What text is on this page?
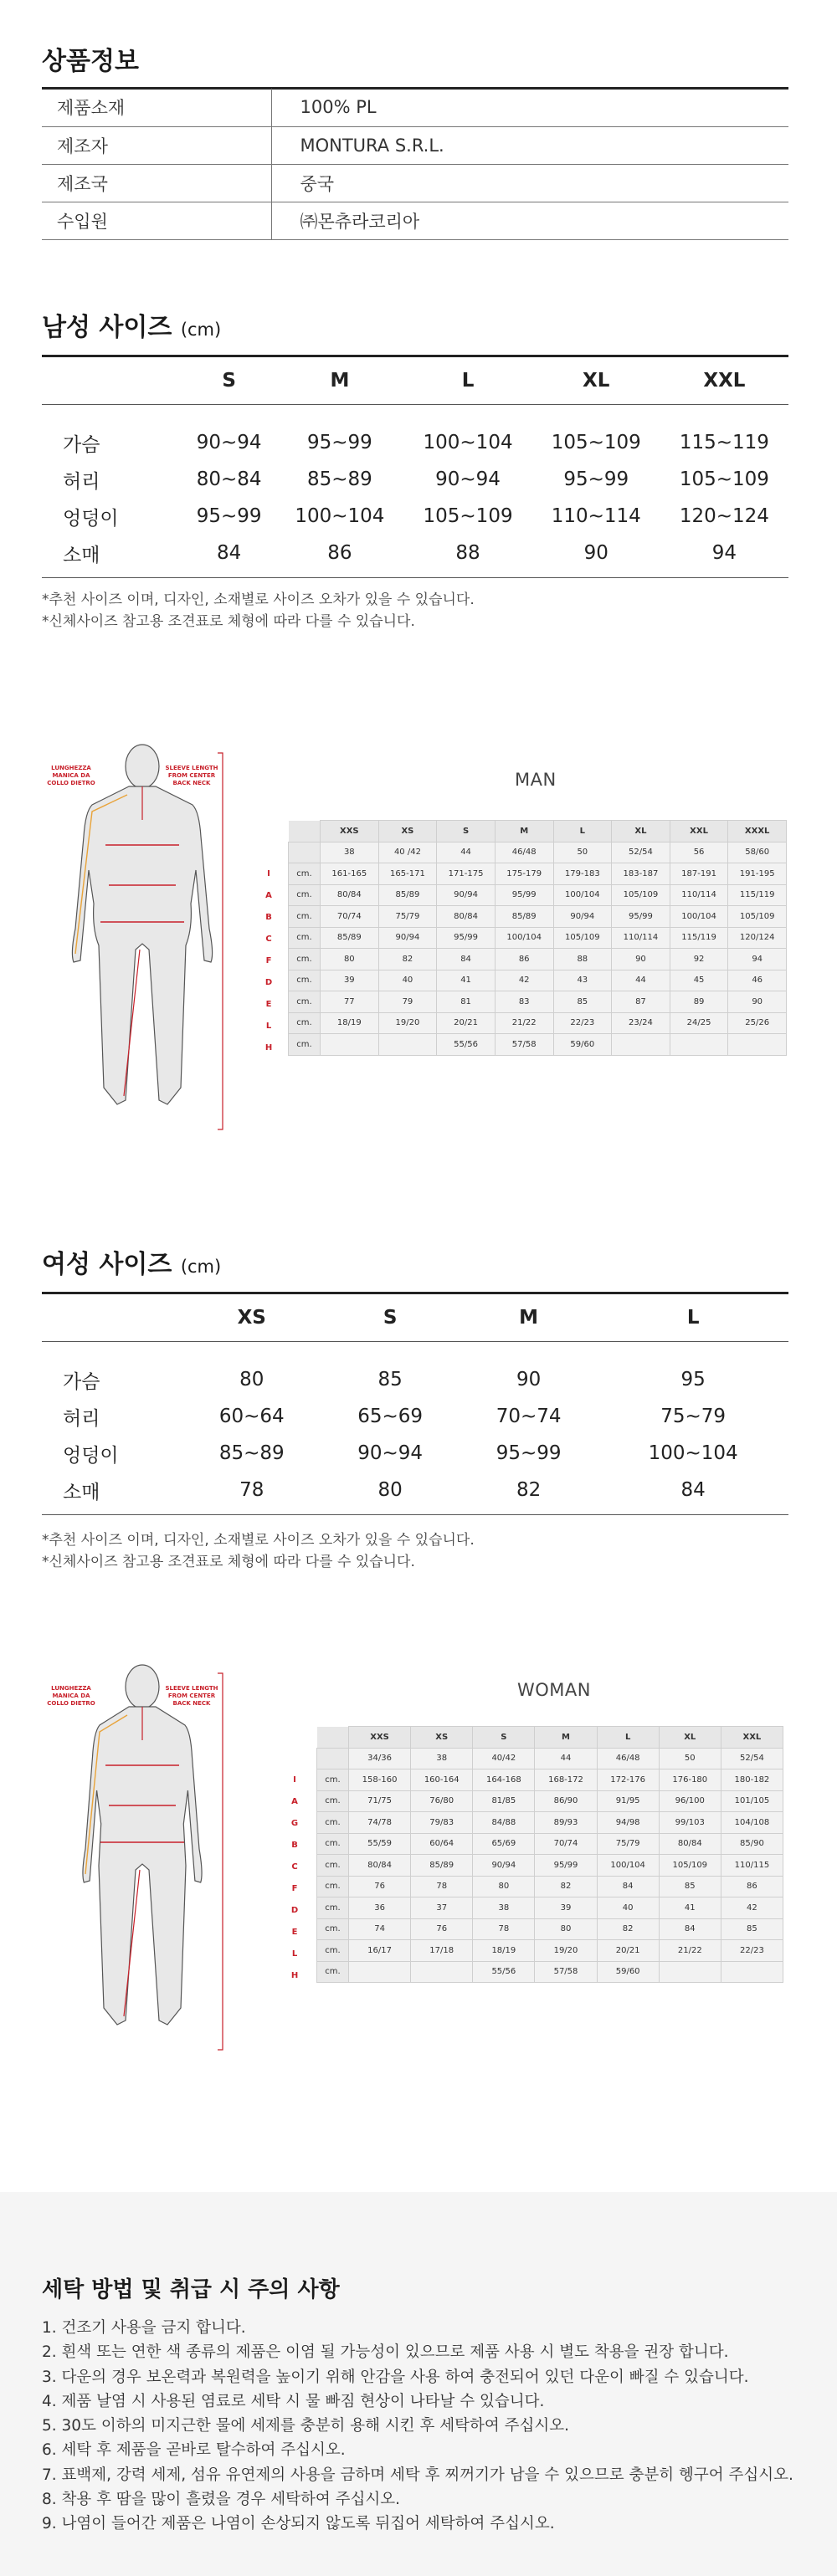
상품정보
제품소재	100% PL
제조자	MONTURA S.R.L.
제조국	중국
수입원	㈜몬츄라코리아
남성 사이즈 (cm)
	S	M	L	XL	XXL

가슴	90~94	95~99	100~104	105~109	115~119
허리	80~84	85~89	90~94	95~99	105~109
엉덩이	95~99	100~104	105~109	110~114	120~124
소매	84	86	88	90	94
*추천 사이즈 이며, 디자인, 소재별로 사이즈 오차가 있을 수 있습니다.
*신체사이즈 참고용 조견표로 체형에 따라 다를 수 있습니다.
LUNGHEZZA MANICA DA COLLO DIETRO
SLEEVE LENGTH FROM CENTER BACK NECK	MAN
I
A
B
C
F
D
E
L
H
	XXS	XS	S	M	L	XL	XXL	XXXL
	38	40 /42	44	46/48	50	52/54	56	58/60
cm.	161-165	165-171	171-175	175-179	179-183	183-187	187-191	191-195
cm.	80/84	85/89	90/94	95/99	100/104	105/109	110/114	115/119
cm.	70/74	75/79	80/84	85/89	90/94	95/99	100/104	105/109
cm.	85/89	90/94	95/99	100/104	105/109	110/114	115/119	120/124
cm.	80	82	84	86	88	90	92	94
cm.	39	40	41	42	43	44	45	46
cm.	77	79	81	83	85	87	89	90
cm.	18/19	19/20	20/21	21/22	22/23	23/24	24/25	25/26
cm.			55/56	57/58	59/60			
여성 사이즈 (cm)
	XS	S	M	L

가슴	80	85	90	95
허리	60~64	65~69	70~74	75~79
엉덩이	85~89	90~94	95~99	100~104
소매	78	80	82	84
*추천 사이즈 이며, 디자인, 소재별로 사이즈 오차가 있을 수 있습니다.
*신체사이즈 참고용 조견표로 체형에 따라 다를 수 있습니다.
LUNGHEZZA MANICA DA COLLO DIETRO
SLEEVE LENGTH FROM CENTER BACK NECK
WOMAN
I
A
G
B
C
F
D
E
L
H
	XXS	XS	S	M	L	XL	XXL
	34/36	38	40/42	44	46/48	50	52/54
cm.	158-160	160-164	164-168	168-172	172-176	176-180	180-182
cm.	71/75	76/80	81/85	86/90	91/95	96/100	101/105
cm.	74/78	79/83	84/88	89/93	94/98	99/103	104/108
cm.	55/59	60/64	65/69	70/74	75/79	80/84	85/90
cm.	80/84	85/89	90/94	95/99	100/104	105/109	110/115
cm.	76	78	80	82	84	85	86
cm.	36	37	38	39	40	41	42
cm.	74	76	78	80	82	84	85
cm.	16/17	17/18	18/19	19/20	20/21	21/22	22/23
cm.			55/56	57/58	59/60		
세탁 방법 및 취급 시 주의 사항
1. 건조기 사용을 금지 합니다.
2. 흰색 또는 연한 색 종류의 제품은 이염 될 가능성이 있으므로 제품 사용 시 별도 착용을 권장 합니다.
3. 다운의 경우 보온력과 복원력을 높이기 위해 안감을 사용 하여 충전되어 있던 다운이 빠질 수 있습니다.
4. 제품 날염 시 사용된 염료로 세탁 시 물 빠짐 현상이 나타날 수 있습니다.
5. 30도 이하의 미지근한 물에 세제를 충분히 용해 시킨 후 세탁하여 주십시오.
6. 세탁 후 제품을 곧바로 탈수하여 주십시오.
7. 표백제, 강력 세제, 섬유 유연제의 사용을 금하며 세탁 후 찌꺼기가 남을 수 있으므로 충분히 헹구어 주십시오.
8. 착용 후 땀을 많이 흘렸을 경우 세탁하여 주십시오.
9. 나염이 들어간 제품은 나염이 손상되지 않도록 뒤집어 세탁하여 주십시오.
